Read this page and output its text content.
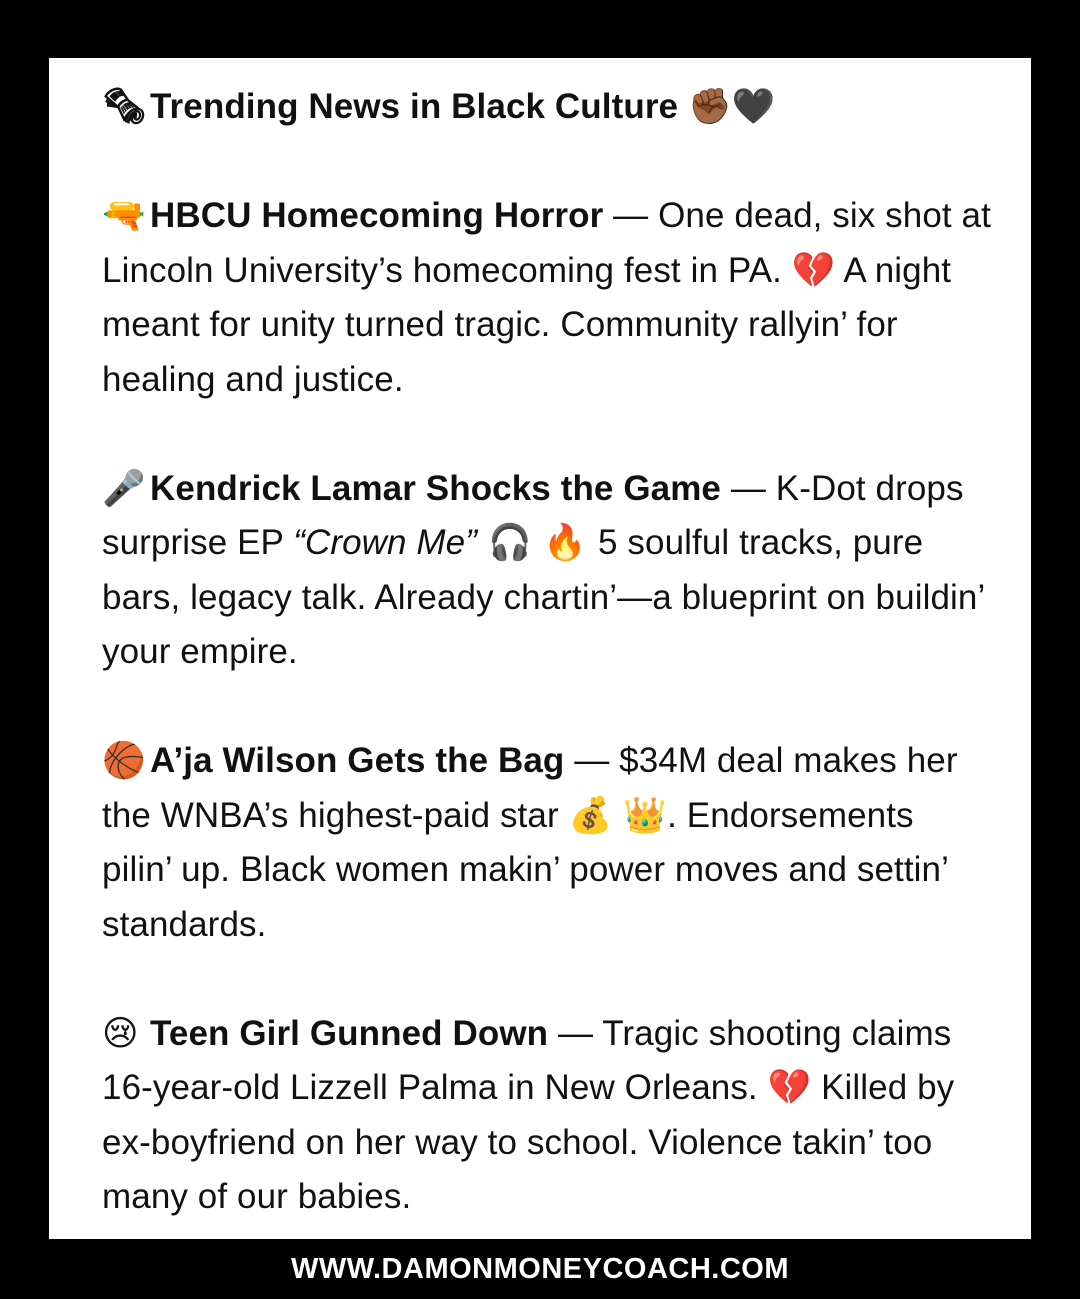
🗞Trending News in Black Culture ✊🏾🖤

🔫 HBCU Homecoming Horror — One dead, six shot at Lincoln University’s homecoming fest in PA. 💔 A night meant for unity turned tragic. Community rallyin’ for healing and justice.

🎤 Kendrick Lamar Shocks the Game — K-Dot drops surprise EP “Crown Me” 🎧 🔥 5 soulful tracks, pure bars, legacy talk. Already chartin’—a blueprint on buildin’ your empire.

🏀 A’ja Wilson Gets the Bag — $34M deal makes her the WNBA’s highest-paid star 💰 👑. Endorsements pilin’ up. Black women makin’ power moves and settin’ standards.

😢 Teen Girl Gunned Down — Tragic shooting claims 16-year-old Lizzell Palma in New Orleans. 💔 Killed by ex-boyfriend on her way to school. Violence takin’ too many of our babies.

WWW.DAMONMONEYCOACH.COM
